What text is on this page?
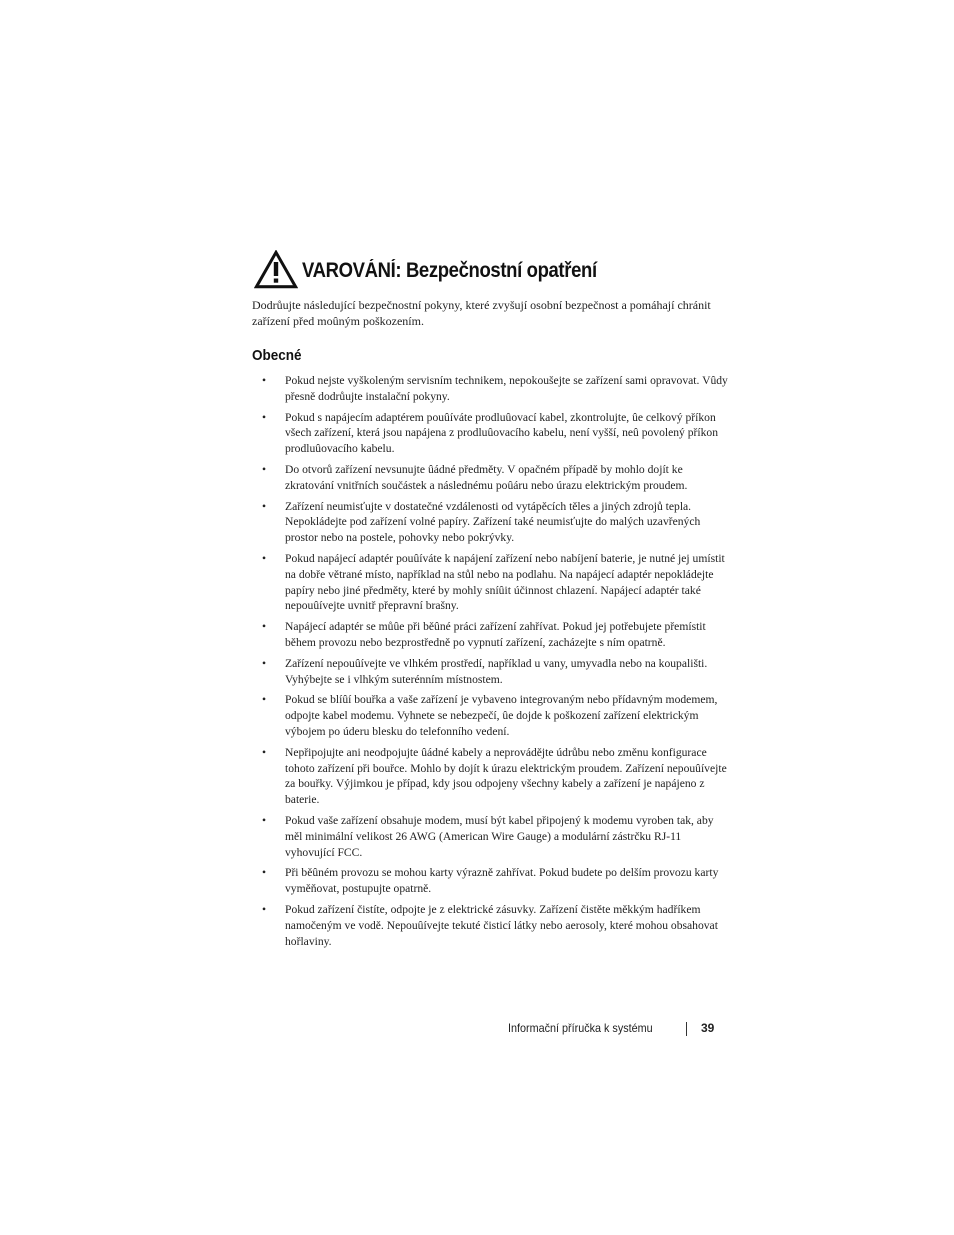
VAROVÁNÍ: Bezpečnostní opatření

Dodrůujte následující bezpečnostní pokyny, které zvyšují osobní bezpečnost a pomáhají chránit zařízení před moûným poškozením.

Obecné
• Pokud nejste vyškoleným servisním technikem, nepokoušejte se zařízení sami opravovat. Vûdy přesně dodrůujte instalační pokyny.
• Pokud s napájecím adaptérem pouûíváte prodluûovací kabel, zkontrolujte, ûe celkový příkon všech zařízení, která jsou napájena z prodluûovacího kabelu, není vyšší, neû povolený příkon prodluûovacího kabelu.
• Do otvorů zařízení nevsunujte ûádné předměty. V opačném případě by mohlo dojít ke zkratování vnitřních součástek a následnému poûáru nebo úrazu elektrickým proudem.
• Zařízení neumisťujte v dostatečné vzdálenosti od vytápěcích těles a jiných zdrojů tepla. Nepokládejte pod zařízení volné papíry. Zařízení také neumisťujte do malých uzavřených prostor nebo na postele, pohovky nebo pokrývky.
• Pokud napájecí adaptér pouûíváte k napájení zařízení nebo nabíjení baterie, je nutné jej umístit na dobře větrané místo, například na stůl nebo na podlahu. Na napájecí adaptér nepokládejte papíry nebo jiné předměty, které by mohly sníûit účinnost chlazení. Napájecí adaptér také nepouûívejte uvnitř přepravní brašny.
• Napájecí adaptér se můûe při běûné práci zařízení zahřívat. Pokud jej potřebujete přemístit během provozu nebo bezprostředně po vypnutí zařízení, zacházejte s ním opatrně.
• Zařízení nepouûívejte ve vlhkém prostředí, například u vany, umyvadla nebo na koupališti. Vyhýbejte se i vlhkým suterénním místnostem.
• Pokud se blíûí bouřka a vaše zařízení je vybaveno integrovaným nebo přídavným modemem, odpojte kabel modemu. Vyhnete se nebezpečí, ûe dojde k poškození zařízení elektrickým výbojem po úderu blesku do telefonního vedení.
• Nepřipojujte ani neodpojujte ûádné kabely a neprovádějte údrůbu nebo změnu konfigurace tohoto zařízení při bouřce. Mohlo by dojít k úrazu elektrickým proudem. Zařízení nepouûívejte za bouřky. Výjimkou je případ, kdy jsou odpojeny všechny kabely a zařízení je napájeno z baterie.
• Pokud vaše zařízení obsahuje modem, musí být kabel připojený k modemu vyroben tak, aby měl minimální velikost 26 AWG (American Wire Gauge) a modulární zástrčku RJ-11 vyhovující FCC.
• Při běûném provozu se mohou karty výrazně zahřívat. Pokud budete po delším provozu karty vyměňovat, postupujte opatrně.
• Pokud zařízení čistíte, odpojte je z elektrické zásuvky. Zařízení čistěte měkkým hadříkem namočeným ve vodě. Nepouûívejte tekuté čisticí látky nebo aerosoly, které mohou obsahovat hořlaviny.
Informační příručka k systému	39
